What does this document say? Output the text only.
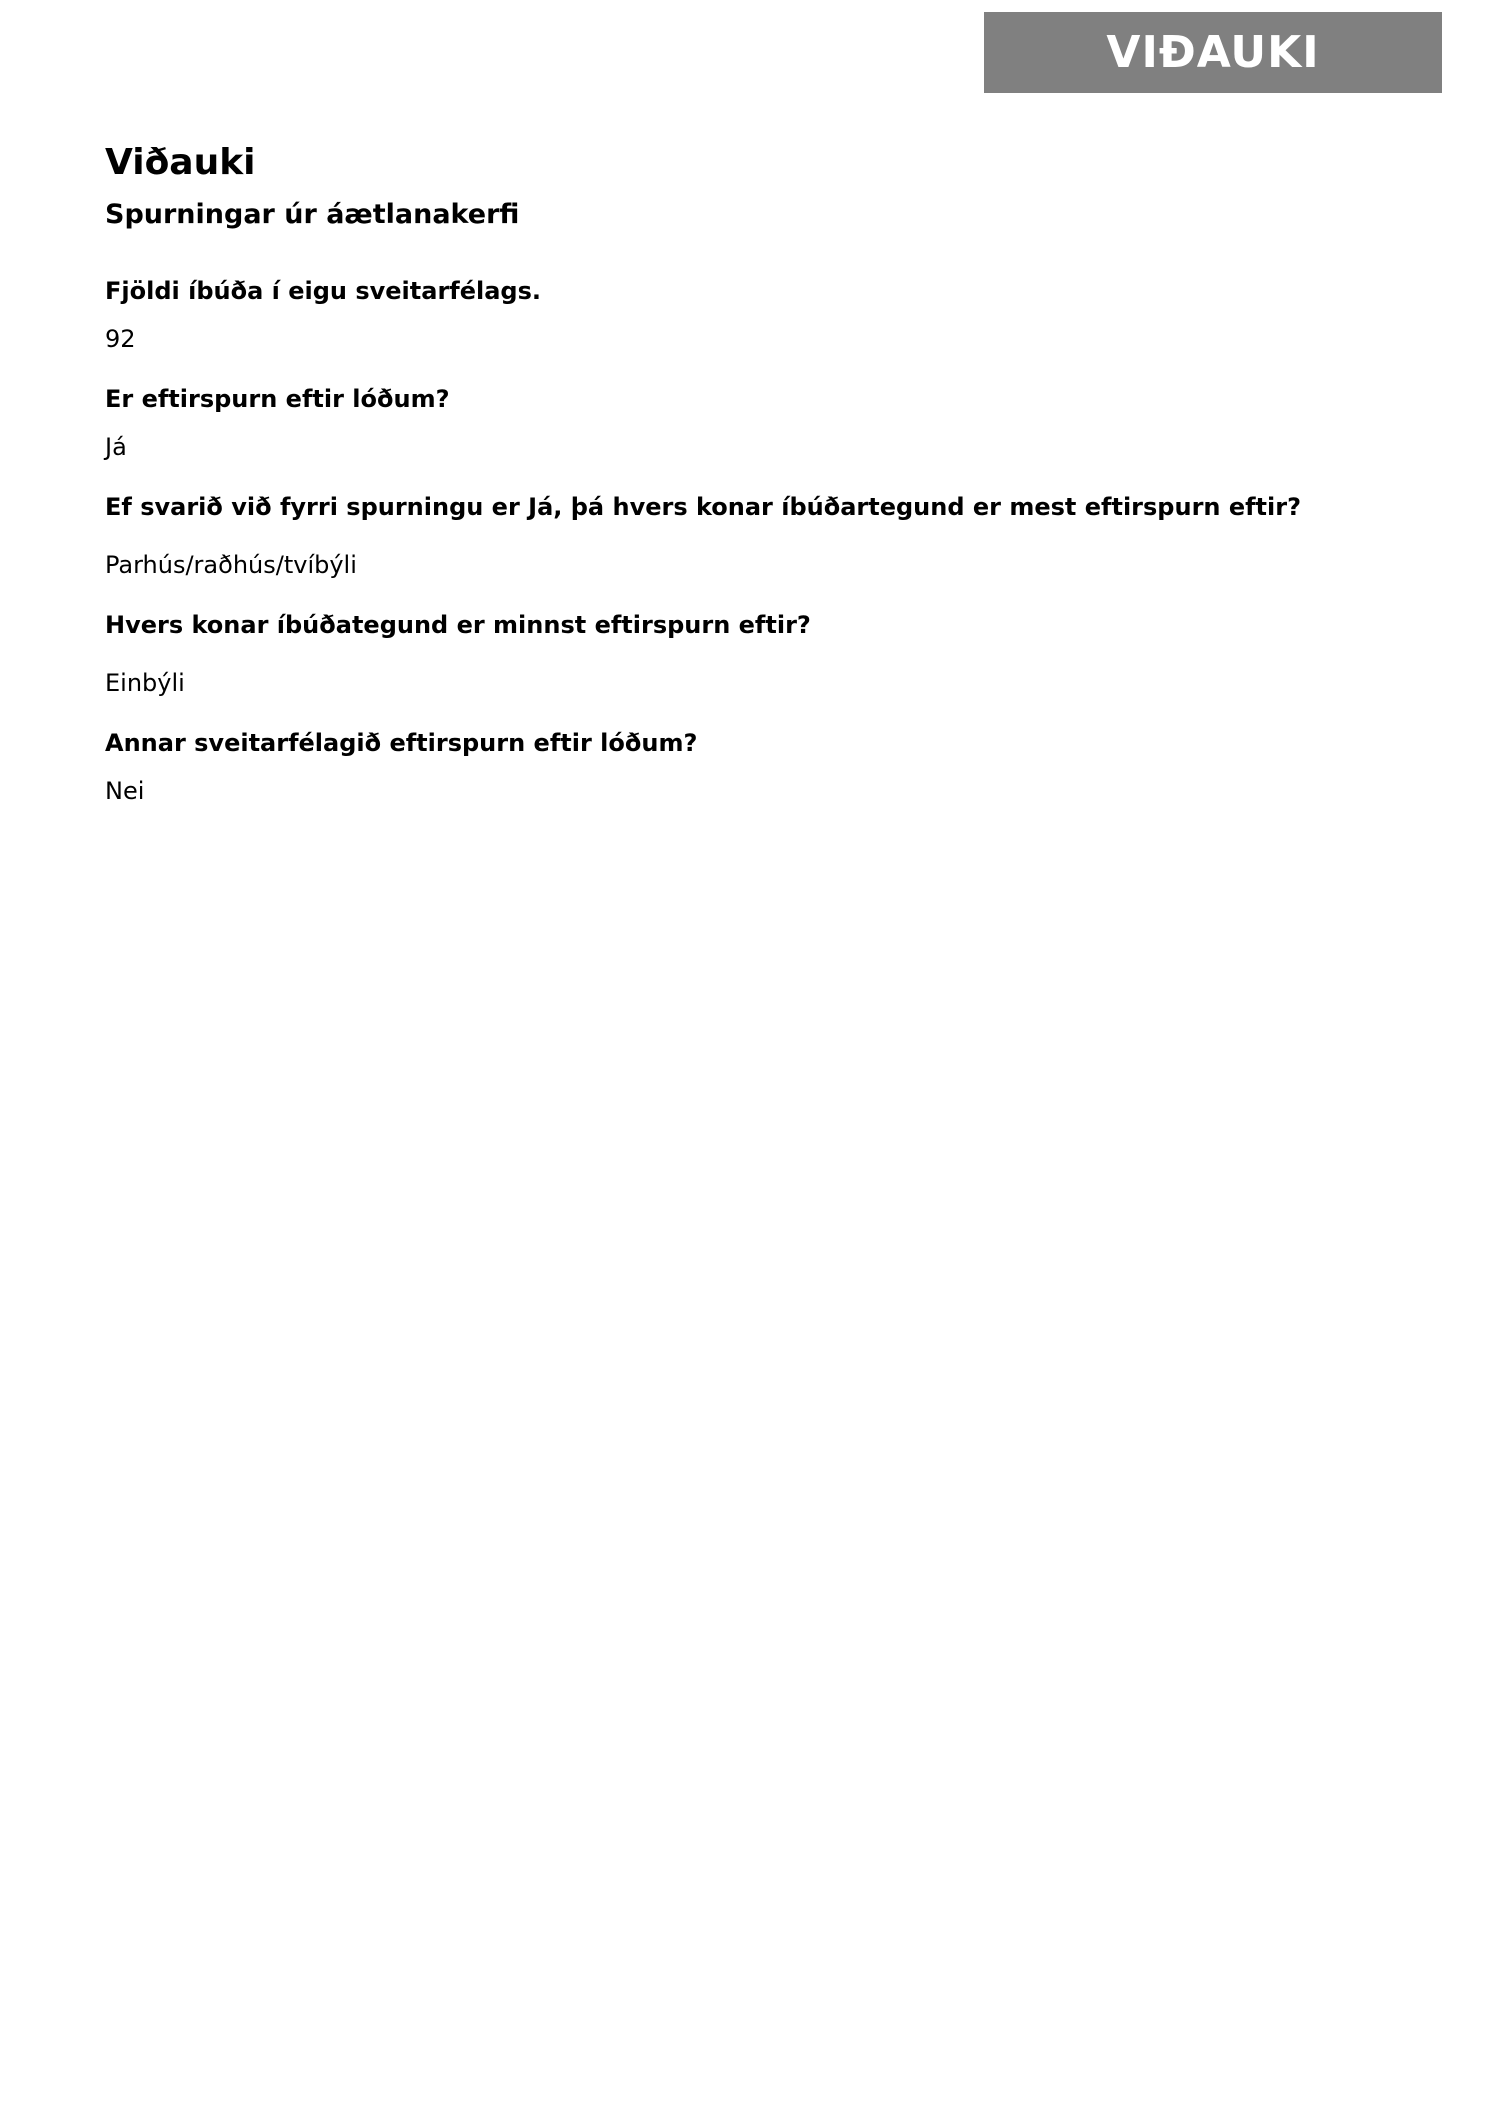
VIÐAUKI
Viðauki
Spurningar úr áætlanakerfi

Fjöldi íbúða í eigu sveitarfélags.

92

Er eftirspurn eftir lóðum?

Já

Ef svarið við fyrri spurningu er Já, þá hvers konar íbúðartegund er mest eftirspurn eftir?

Parhús/raðhús/tvíbýli

Hvers konar íbúðategund er minnst eftirspurn eftir?

Einbýli

Annar sveitarfélagið eftirspurn eftir lóðum?

Nei
